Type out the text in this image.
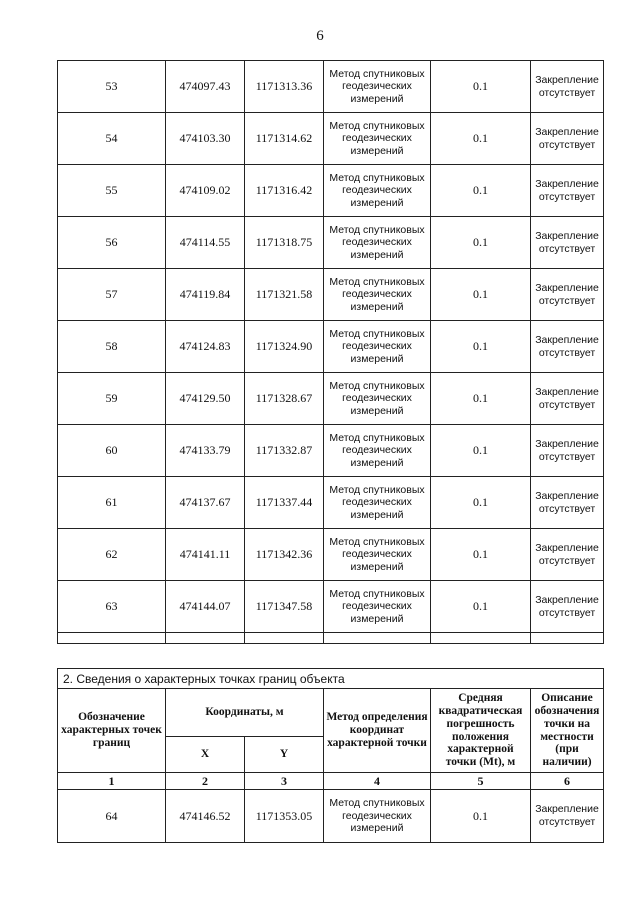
6
53	474097.43	1171313.36	Метод спутниковых геодезических измерений	0.1	Закрепление отсутствует
54	474103.30	1171314.62	Метод спутниковых геодезических измерений	0.1	Закрепление отсутствует
55	474109.02	1171316.42	Метод спутниковых геодезических измерений	0.1	Закрепление отсутствует
56	474114.55	1171318.75	Метод спутниковых геодезических измерений	0.1	Закрепление отсутствует
57	474119.84	1171321.58	Метод спутниковых геодезических измерений	0.1	Закрепление отсутствует
58	474124.83	1171324.90	Метод спутниковых геодезических измерений	0.1	Закрепление отсутствует
59	474129.50	1171328.67	Метод спутниковых геодезических измерений	0.1	Закрепление отсутствует
60	474133.79	1171332.87	Метод спутниковых геодезических измерений	0.1	Закрепление отсутствует
61	474137.67	1171337.44	Метод спутниковых геодезических измерений	0.1	Закрепление отсутствует
62	474141.11	1171342.36	Метод спутниковых геодезических измерений	0.1	Закрепление отсутствует
63	474144.07	1171347.58	Метод спутниковых геодезических измерений	0.1	Закрепление отсутствует

2. Сведения о характерных точках границ объекта					
Обозначение характерных точек границ	Координаты, м		Метод определения координат характерной точки	Средняя квадратическая погрешность положения характерной точки (Mt), м	Описание обозначения точки на местности (при наличии)
	X	Y			
1	2	3	4	5	6
64	474146.52	1171353.05	Метод спутниковых геодезических измерений	0.1	Закрепление отсутствует
